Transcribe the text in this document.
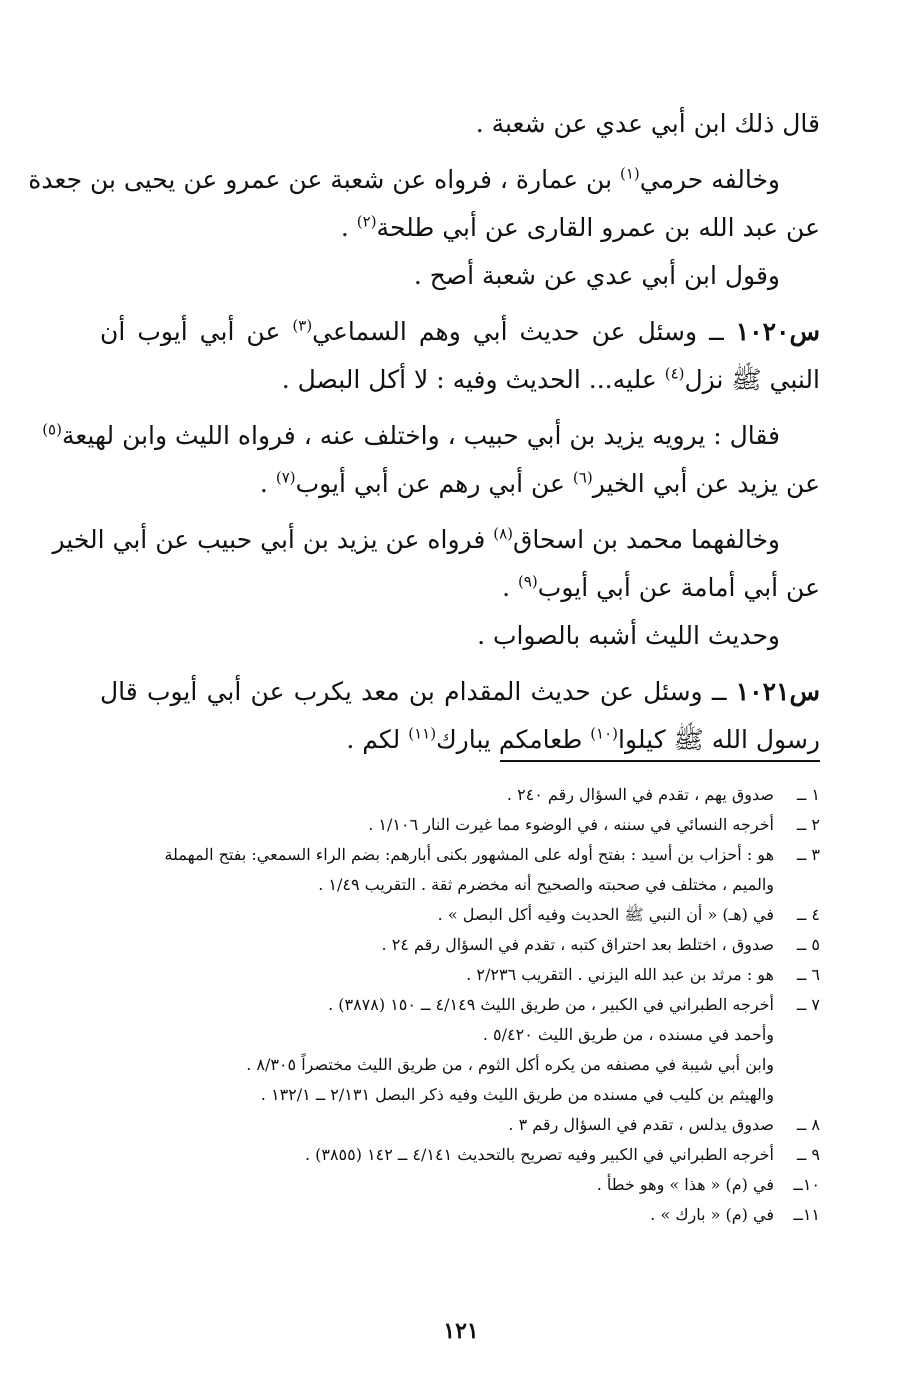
قال ذلك ابن أبي عدي عن شعبة .

وخالفه حرمي$^{(١)}$ بن عمارة ، فرواه عن شعبة عن عمرو عن يحيى بن جعدة

عن عبد الله بن عمرو القارى عن أبي طلحة$^{(٢)}$ .

وقول ابن أبي عدي عن شعبة أصح .

س١٠٢٠ ــ وسئل عن حديث أبي وهم السماعي$^{(٣)}$ عن أبي أيوب أن

النبي ﷺ نزل$^{(٤)}$ عليه... الحديث وفيه : لا أكل البصل .

فقال : يرويه يزيد بن أبي حبيب ، واختلف عنه ، فرواه الليث وابن لهيعة$^{(٥)}$

عن يزيد عن أبي الخير$^{(٦)}$ عن أبي رهم عن أبي أيوب$^{(٧)}$ .

وخالفهما محمد بن اسحاق$^{(٨)}$ فرواه عن يزيد بن أبي حبيب عن أبي الخير

عن أبي أمامة عن أبي أيوب$^{(٩)}$ .

وحديث الليث أشبه بالصواب .

س١٠٢١ ــ وسئل عن حديث المقدام بن معد يكرب عن أبي أيوب قال

رسول الله ﷺ كيلوا$^{(١٠)}$ طعامكم يبارك$^{(١١)}$ لكم .

١ ــصدوق يهم ، تقدم في السؤال رقم ٢٤٠ .

٢ ــأخرجه النسائي في سننه ، في الوضوء مما غيرت النار ١/١٠٦ .

٣ ــهو : أحزاب بن أسيد : بفتح أوله على المشهور بكنى أبارهم: بضم الراء السمعي: بفتح المهملة

والميم ، مختلف في صحبته والصحيح أنه مخضرم ثقة . التقريب ١/٤٩ .

٤ ــفي (هـ) « أن النبي ﷺ الحديث وفيه أكل البصل » .

٥ ــصدوق ، اختلط بعد احتراق كتبه ، تقدم في السؤال رقم ٢٤ .

٦ ــهو : مرثد بن عبد الله اليزني . التقريب ٢/٢٣٦ .

٧ ــأخرجه الطبراني في الكبير ، من طريق الليث ٤/١٤٩ ــ ١٥٠ (٣٨٧٨) .

وأحمد في مسنده ، من طريق الليث ٥/٤٢٠ .

وابن أبي شيبة في مصنفه من يكره أكل الثوم ، من طريق الليث مختصراً ٨/٣٠٥ .

والهيثم بن كليب في مسنده من طريق الليث وفيه ذكر البصل ٢/١٣١ ــ ١٣٢/١ .

٨ ــصدوق يدلس ، تقدم في السؤال رقم ٣ .

٩ ــأخرجه الطبراني في الكبير وفيه تصريح بالتحديث ٤/١٤١ ــ ١٤٢ (٣٨٥٥) .

١٠ــفي (م) « هذا » وهو خطأ .

١١ــفي (م) « بارك » .

١٢١
